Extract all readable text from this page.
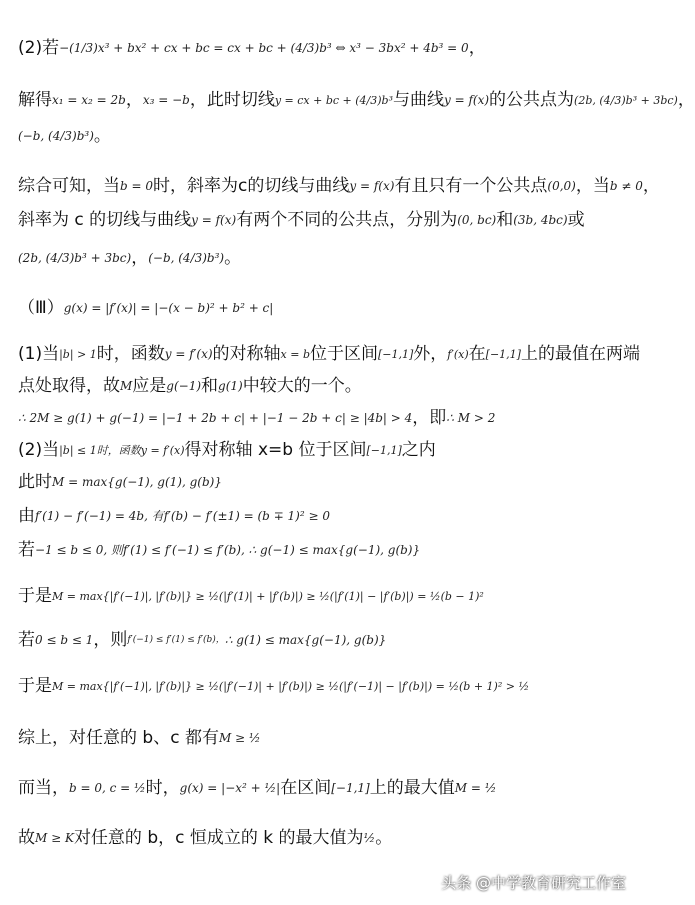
(2)若−(1/3)x³ + bx² + cx + bc = cx + bc + (4/3)b³ ⇔ x³ − 3bx² + 4b³ = 0，
解得x₁ = x₂ = 2b，x₃ = −b，此时切线y = cx + bc + (4/3)b³与曲线y = f(x)的公共点为(2b, (4/3)b³ + 3bc)，
(−b, (4/3)b³)。
综合可知，当b = 0时，斜率为c的切线与曲线y = f(x)有且只有一个公共点(0,0)，当b ≠ 0，
斜率为 c 的切线与曲线y = f(x)有两个不同的公共点，分别为(0, bc)和(3b, 4bc)或
(2b, (4/3)b³ + 3bc)，(−b, (4/3)b³)。
（Ⅲ）g(x) = |f′(x)| = |−(x − b)² + b² + c|
(1)当|b| > 1时，函数y = f′(x)的对称轴x = b位于区间[−1,1]外，f′(x)在[−1,1]上的最值在两端
点处取得，故M应是g(−1)和g(1)中较大的一个。
∴ 2M ≥ g(1) + g(−1) = |−1 + 2b + c| + |−1 − 2b + c| ≥ |4b| > 4，即∴ M > 2
(2)当|b| ≤ 1时，函数y = f′(x)得对称轴 x=b 位于区间[−1,1]之内
此时M = max{g(−1), g(1), g(b)}
由f′(1) − f′(−1) = 4b, 有f′(b) − f′(±1) = (b ∓ 1)² ≥ 0
若−1 ≤ b ≤ 0, 则f′(1) ≤ f′(−1) ≤ f′(b), ∴ g(−1) ≤ max{g(−1), g(b)}
于是M = max{|f′(−1)|, |f′(b)|} ≥ ½(|f′(1)| + |f′(b)|) ≥ ½(|f′(1)| − |f′(b)|) = ½(b − 1)²
若0 ≤ b ≤ 1，则f′(−1) ≤ f′(1) ≤ f′(b)，∴ g(1) ≤ max{g(−1), g(b)}
于是M = max{|f′(−1)|, |f′(b)|} ≥ ½(|f′(−1)| + |f′(b)|) ≥ ½(|f′(−1)| − |f′(b)|) = ½(b + 1)² > ½
综上，对任意的 b、c 都有M ≥ ½
而当，b = 0, c = ½时，g(x) = |−x² + ½|在区间[−1,1]上的最大值M = ½
故M ≥ K对任意的 b，c 恒成立的 k 的最大值为½。
头条 @中学教育研究工作室
